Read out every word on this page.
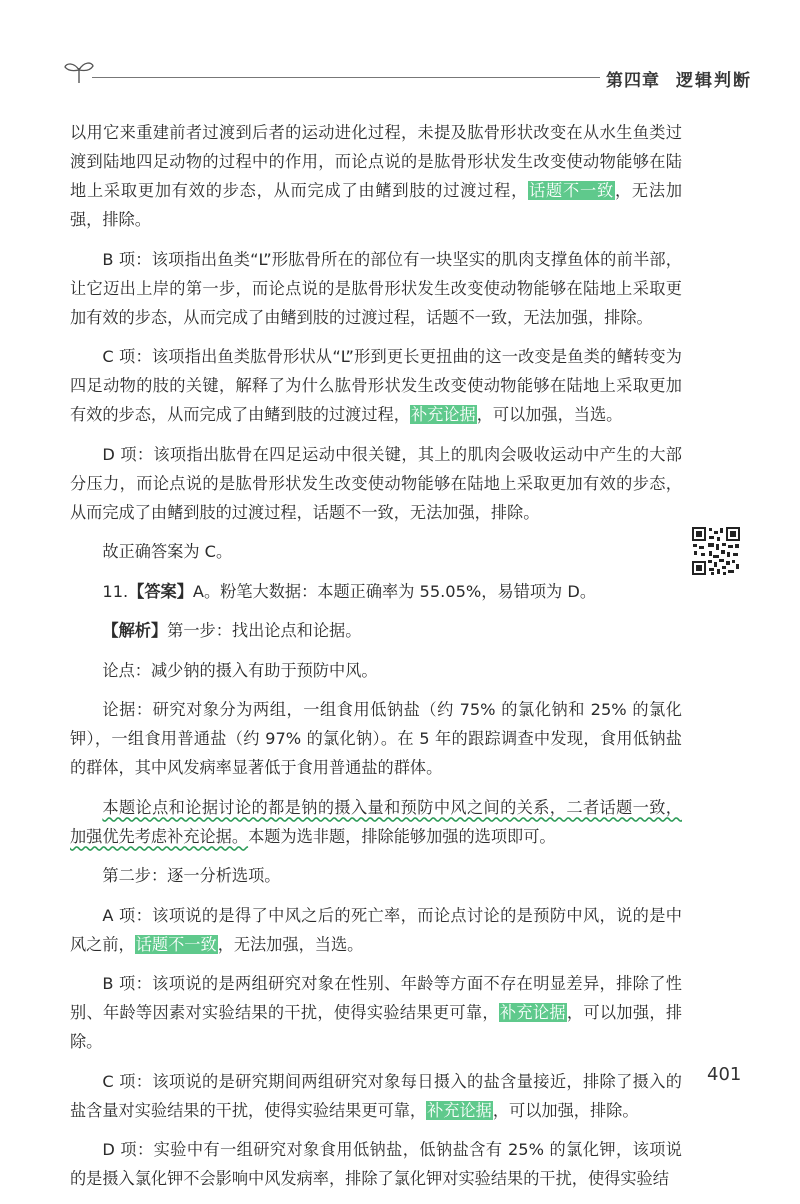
第四章 逻辑判断

以用它来重建前者过渡到后者的运动进化过程，未提及肱骨形状改变在从水生鱼类过渡到陆地四足动物的过程中的作用，而论点说的是肱骨形状发生改变使动物能够在陆地上采取更加有效的步态，从而完成了由鳍到肢的过渡过程，话题不一致，无法加强，排除。

B 项：该项指出鱼类“L”形肱骨所在的部位有一块坚实的肌肉支撑鱼体的前半部，让它迈出上岸的第一步，而论点说的是肱骨形状发生改变使动物能够在陆地上采取更加有效的步态，从而完成了由鳍到肢的过渡过程，话题不一致，无法加强，排除。

C 项：该项指出鱼类肱骨形状从“L”形到更长更扭曲的这一改变是鱼类的鳍转变为四足动物的肢的关键，解释了为什么肱骨形状发生改变使动物能够在陆地上采取更加有效的步态，从而完成了由鳍到肢的过渡过程，补充论据，可以加强，当选。

D 项：该项指出肱骨在四足运动中很关键，其上的肌肉会吸收运动中产生的大部分压力，而论点说的是肱骨形状发生改变使动物能够在陆地上采取更加有效的步态，从而完成了由鳍到肢的过渡过程，话题不一致，无法加强，排除。

故正确答案为 C。

11.【答案】A。粉笔大数据：本题正确率为 55.05%，易错项为 D。

【解析】第一步：找出论点和论据。

论点：减少钠的摄入有助于预防中风。

论据：研究对象分为两组，一组食用低钠盐（约 75% 的氯化钠和 25% 的氯化钾），一组食用普通盐（约 97% 的氯化钠）。在 5 年的跟踪调查中发现，食用低钠盐的群体，其中风发病率显著低于食用普通盐的群体。

本题论点和论据讨论的都是钠的摄入量和预防中风之间的关系，二者话题一致，加强优先考虑补充论据。本题为选非题，排除能够加强的选项即可。

第二步：逐一分析选项。

A 项：该项说的是得了中风之后的死亡率，而论点讨论的是预防中风，说的是中风之前，话题不一致，无法加强，当选。

B 项：该项说的是两组研究对象在性别、年龄等方面不存在明显差异，排除了性别、年龄等因素对实验结果的干扰，使得实验结果更可靠，补充论据，可以加强，排除。

C 项：该项说的是研究期间两组研究对象每日摄入的盐含量接近，排除了摄入的盐含量对实验结果的干扰，使得实验结果更可靠，补充论据，可以加强，排除。

D 项：实验中有一组研究对象食用低钠盐，低钠盐含有 25% 的氯化钾，该项说的是摄入氯化钾不会影响中风发病率，排除了氯化钾对实验结果的干扰，使得实验结

401
